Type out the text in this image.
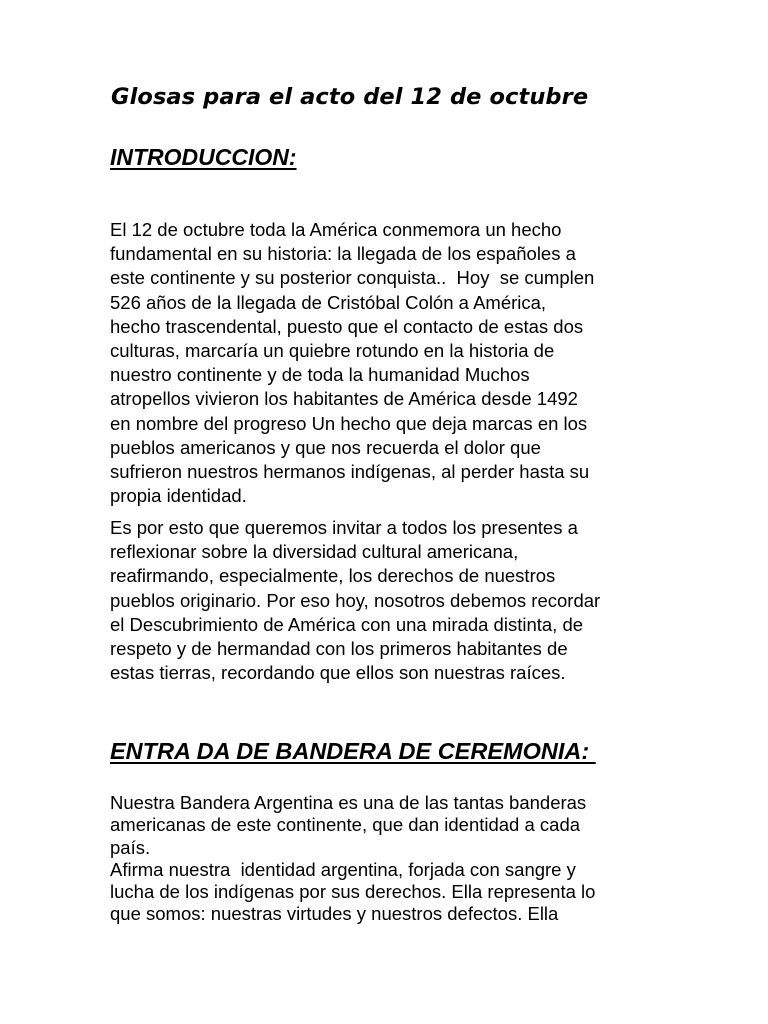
Glosas para el acto del 12 de octubre
INTRODUCCION:

El 12 de octubre toda la América conmemora un hecho
fundamental en su historia: la llegada de los españoles a
este continente y su posterior conquista..  Hoy  se cumplen
526 años de la llegada de Cristóbal Colón a América,
hecho trascendental, puesto que el contacto de estas dos
culturas, marcaría un quiebre rotundo en la historia de
nuestro continente y de toda la humanidad Muchos
atropellos vivieron los habitantes de América desde 1492
en nombre del progreso Un hecho que deja marcas en los
pueblos americanos y que nos recuerda el dolor que
sufrieron nuestros hermanos indígenas, al perder hasta su
propia identidad.

Es por esto que queremos invitar a todos los presentes a
reflexionar sobre la diversidad cultural americana,
reafirmando, especialmente, los derechos de nuestros
pueblos originario. Por eso hoy, nosotros debemos recordar
el Descubrimiento de América con una mirada distinta, de
respeto y de hermandad con los primeros habitantes de
estas tierras, recordando que ellos son nuestras raíces.

ENTRA DA DE BANDERA DE CEREMONIA:

Nuestra Bandera Argentina es una de las tantas banderas
americanas de este continente, que dan identidad a cada
país.
Afirma nuestra  identidad argentina, forjada con sangre y
lucha de los indígenas por sus derechos. Ella representa lo
que somos: nuestras virtudes y nuestros defectos. Ella
